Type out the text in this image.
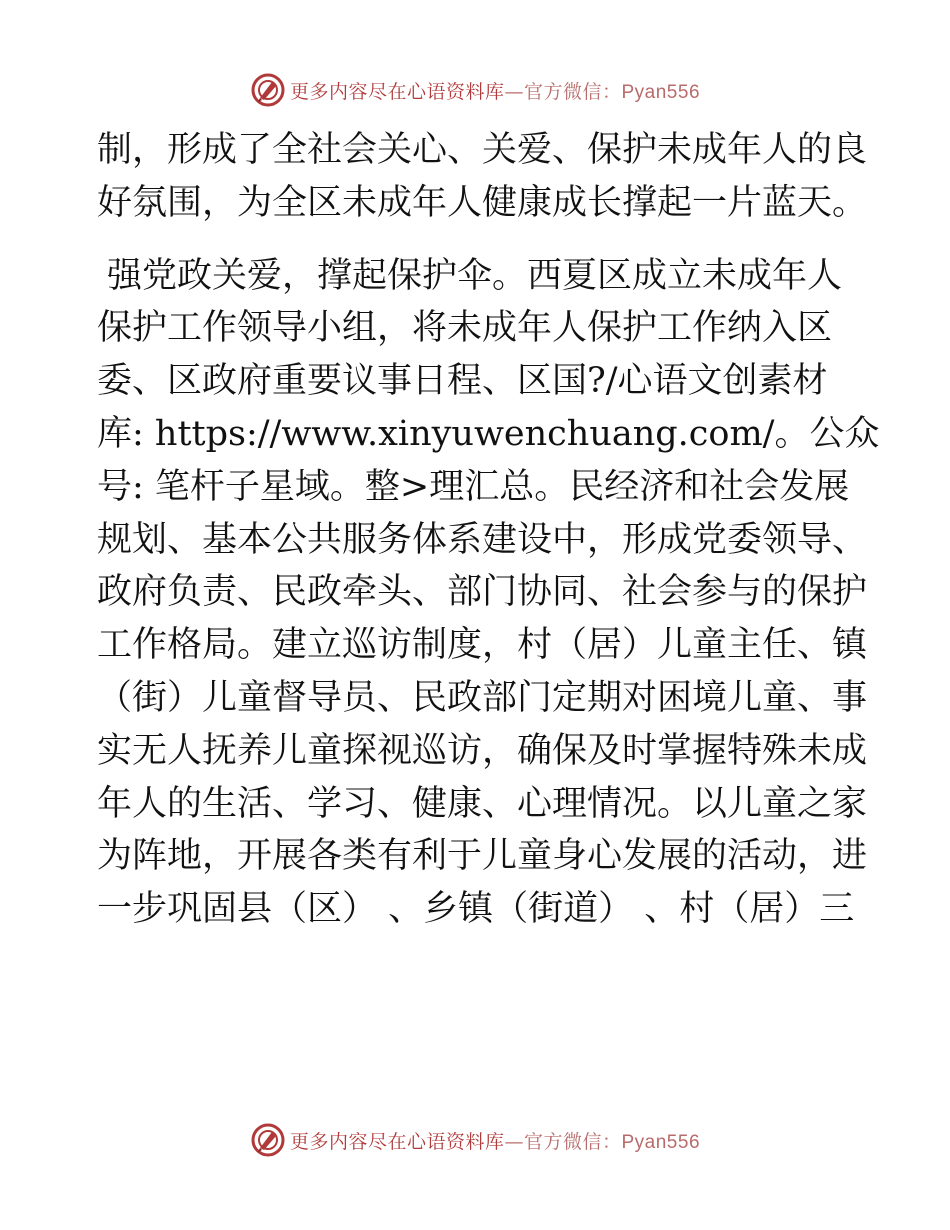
更多内容尽在心语资料库—官方微信：Pyan556
制，形成了全社会关心、关爱、保护未成年人的良
好氛围，为全区未成年人健康成长撑起一片蓝天。
强党政关爱，撑起保护伞。西夏区成立未成年人
保护工作领导小组，将未成年人保护工作纳入区
委、区政府重要议事日程、区国?/心语文创素材
库: https://www.xinyuwenchuang.com/。公众
号: 笔杆子星域。整>理汇总。民经济和社会发展
规划、基本公共服务体系建设中，形成党委领导、
政府负责、民政牵头、部门协同、社会参与的保护
工作格局。建立巡访制度，村（居）儿童主任、镇
（街）儿童督导员、民政部门定期对困境儿童、事
实无人抚养儿童探视巡访，确保及时掌握特殊未成
年人的生活、学习、健康、心理情况。以儿童之家
为阵地，开展各类有利于儿童身心发展的活动，进
一步巩固县（区） 、乡镇（街道） 、村（居）三
更多内容尽在心语资料库—官方微信：Pyan556
